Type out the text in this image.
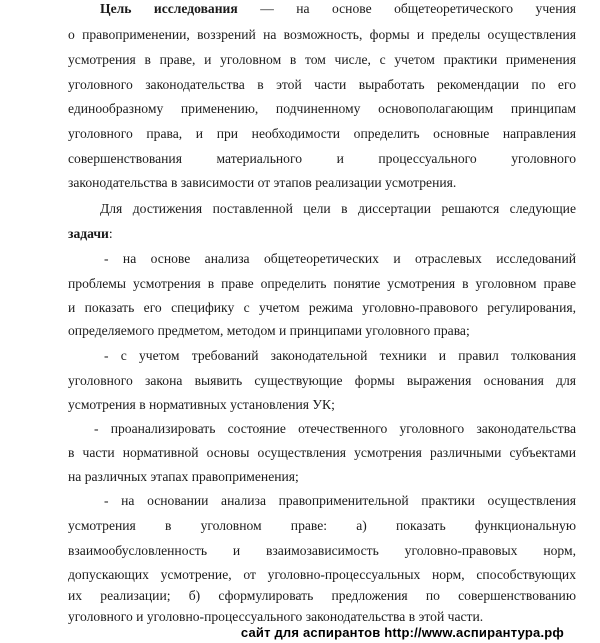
Цель исследования — на основе общетеоретического учения
о правоприменении, воззрений на возможность, формы и пределы осуществления
усмотрения в праве, и уголовном в том числе, с учетом практики применения
уголовного законодательства в этой части выработать рекомендации по его
единообразному применению, подчиненному основополагающим принципам
уголовного права, и при необходимости определить основные направления
совершенствования материального и процессуального уголовного
законодательства в зависимости от этапов реализации усмотрения.
Для достижения поставленной цели в диссертации решаются следующие
задачи:
- на основе анализа общетеоретических и отраслевых исследований
проблемы усмотрения в праве определить понятие усмотрения в уголовном праве
и показать его специфику с учетом режима уголовно-правового регулирования,
определяемого предметом, методом и принципами уголовного права;
- с учетом требований законодательной техники и правил толкования
уголовного закона выявить существующие формы выражения основания для
усмотрения в нормативных установления УК;
- проанализировать состояние отечественного уголовного законодательства
в части нормативной основы осуществления усмотрения различными субъектами
на различных этапах правоприменения;
- на основании анализа правоприменительной практики осуществления
усмотрения в уголовном праве: а) показать функциональную
взаимообусловленность и взаимозависимость уголовно-правовых норм,
допускающих усмотрение, от уголовно-процессуальных норм, способствующих
их реализации; б) сформулировать предложения по совершенствованию
уголовного и уголовно-процессуального законодательства в этой части.
сайт для аспирантов http://www.аспирантура.рф
